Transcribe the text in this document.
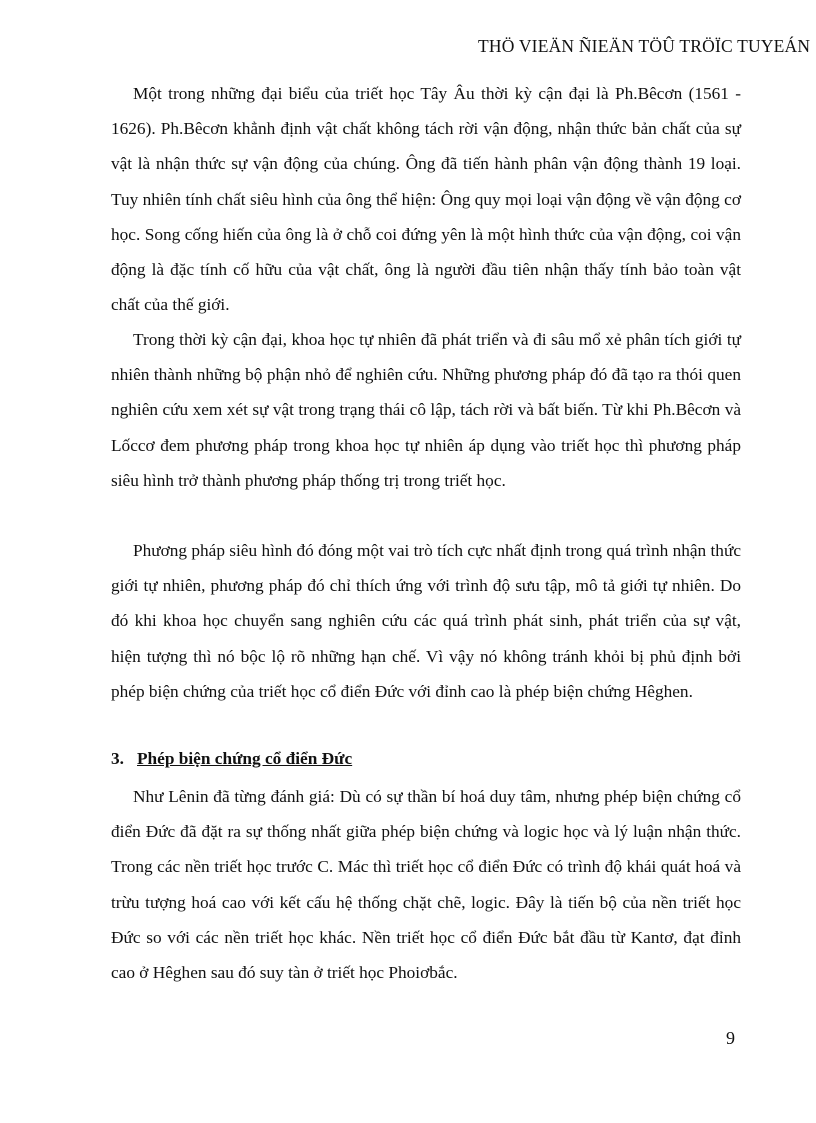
THÖ VIEÄN ÑIEÄN TÖÛ TRÖÏC TUYEÁN

Một trong những đại biểu của triết học Tây Âu thời kỳ cận đại là Ph.Bêcơn (1561 - 1626). Ph.Bêcơn khẳnh định vật chất không tách rời vận động, nhận thức bản chất của sự vật là nhận thức sự vận động của chúng. Ông đã tiến hành phân vận động thành 19 loại. Tuy nhiên tính chất siêu hình của ông thể hiện: Ông quy mọi loại vận động về vận động cơ học. Song cống hiến của ông là ở chỗ coi đứng yên là một hình thức của vận động, coi vận động là đặc tính cố hữu của vật chất, ông là người đầu tiên nhận thấy tính bảo toàn vật chất của thế giới.

Trong thời kỳ cận đại, khoa học tự nhiên đã phát triển và đi sâu mổ xẻ phân tích giới tự nhiên thành những bộ phận nhỏ để nghiên cứu. Những phương pháp đó đã tạo ra thói quen nghiên cứu xem xét sự vật trong trạng thái cô lập, tách rời và bất biến. Từ khi Ph.Bêcơn và Lốccơ đem phương pháp trong khoa học tự nhiên áp dụng vào triết học thì phương pháp siêu hình trở thành phương pháp thống trị trong triết học.

Phương pháp siêu hình đó đóng một vai trò tích cực nhất định trong quá trình nhận thức giới tự nhiên, phương pháp đó chỉ thích ứng với trình độ sưu tập, mô tả giới tự nhiên. Do đó khi khoa học chuyển sang nghiên cứu các quá trình phát sinh, phát triển của sự vật, hiện tượng thì nó bộc lộ rõ những hạn chế. Vì vậy nó không tránh khỏi bị phủ định bởi phép biện chứng của triết học cổ điển Đức với đỉnh cao là phép biện chứng Hêghen.

3. Phép biện chứng cổ điển Đức

Như Lênin đã từng đánh giá: Dù có sự thần bí hoá duy tâm, nhưng phép biện chứng cổ điển Đức đã đặt ra sự thống nhất giữa phép biện chứng và logic học và lý luận nhận thức. Trong các nền triết học trước C. Mác thì triết học cổ điển Đức có trình độ khái quát hoá và trừu tượng hoá cao với kết cấu hệ thống chặt chẽ, logic. Đây là tiến bộ của nền triết học Đức so với các nền triết học khác. Nền triết học cổ điển Đức bắt đầu từ Kantơ, đạt đỉnh cao ở Hêghen sau đó suy tàn ở triết học Phoiơbắc.

9
